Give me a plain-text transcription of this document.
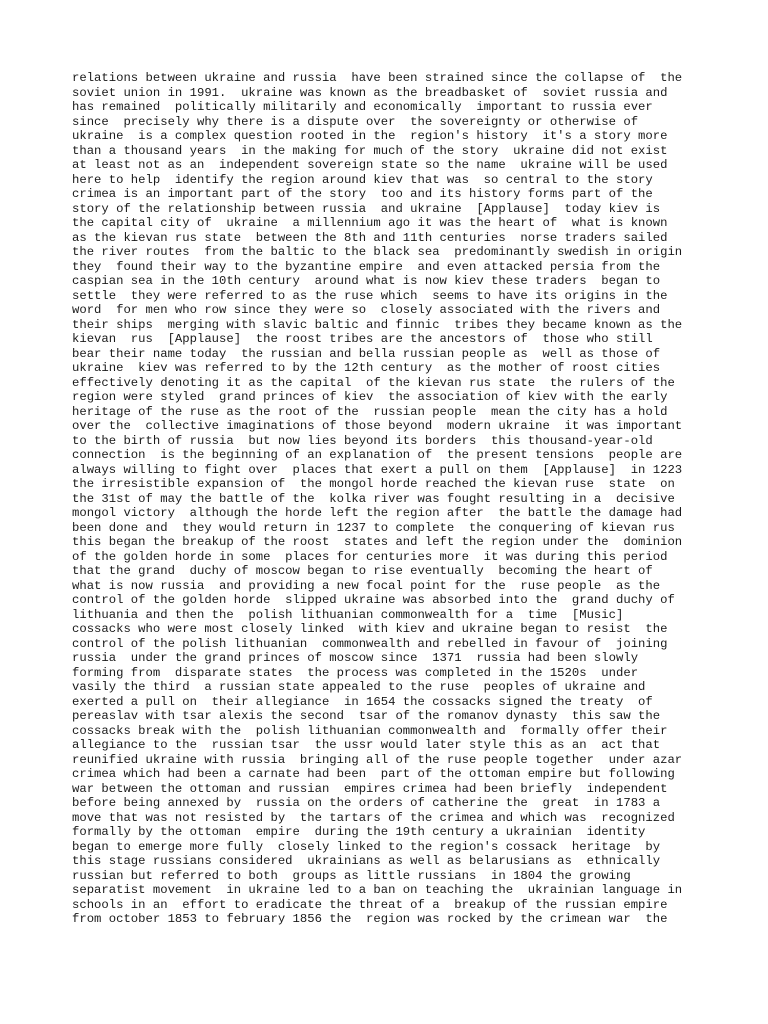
relations between ukraine and russia  have been strained since the collapse of  the
soviet union in 1991.  ukraine was known as the breadbasket of  soviet russia and
has remained  politically militarily and economically  important to russia ever
since  precisely why there is a dispute over  the sovereignty or otherwise of
ukraine  is a complex question rooted in the  region's history  it's a story more
than a thousand years  in the making for much of the story  ukraine did not exist
at least not as an  independent sovereign state so the name  ukraine will be used
here to help  identify the region around kiev that was  so central to the story
crimea is an important part of the story  too and its history forms part of the
story of the relationship between russia  and ukraine  [Applause]  today kiev is
the capital city of  ukraine  a millennium ago it was the heart of  what is known
as the kievan rus state  between the 8th and 11th centuries  norse traders sailed
the river routes  from the baltic to the black sea  predominantly swedish in origin
they  found their way to the byzantine empire  and even attacked persia from the
caspian sea in the 10th century  around what is now kiev these traders  began to
settle  they were referred to as the ruse which  seems to have its origins in the
word  for men who row since they were so  closely associated with the rivers and
their ships  merging with slavic baltic and finnic  tribes they became known as the
kievan  rus  [Applause]  the roost tribes are the ancestors of  those who still
bear their name today  the russian and bella russian people as  well as those of
ukraine  kiev was referred to by the 12th century  as the mother of roost cities
effectively denoting it as the capital  of the kievan rus state  the rulers of the
region were styled  grand princes of kiev  the association of kiev with the early
heritage of the ruse as the root of the  russian people  mean the city has a hold
over the  collective imaginations of those beyond  modern ukraine  it was important
to the birth of russia  but now lies beyond its borders  this thousand-year-old
connection  is the beginning of an explanation of  the present tensions  people are
always willing to fight over  places that exert a pull on them  [Applause]  in 1223
the irresistible expansion of  the mongol horde reached the kievan ruse  state  on
the 31st of may the battle of the  kolka river was fought resulting in a  decisive
mongol victory  although the horde left the region after  the battle the damage had
been done and  they would return in 1237 to complete  the conquering of kievan rus
this began the breakup of the roost  states and left the region under the  dominion
of the golden horde in some  places for centuries more  it was during this period
that the grand  duchy of moscow began to rise eventually  becoming the heart of
what is now russia  and providing a new focal point for the  ruse people  as the
control of the golden horde  slipped ukraine was absorbed into the  grand duchy of
lithuania and then the  polish lithuanian commonwealth for a  time  [Music]
cossacks who were most closely linked  with kiev and ukraine began to resist  the
control of the polish lithuanian  commonwealth and rebelled in favour of  joining
russia  under the grand princes of moscow since  1371  russia had been slowly
forming from  disparate states  the process was completed in the 1520s  under
vasily the third  a russian state appealed to the ruse  peoples of ukraine and
exerted a pull on  their allegiance  in 1654 the cossacks signed the treaty  of
pereaslav with tsar alexis the second  tsar of the romanov dynasty  this saw the
cossacks break with the  polish lithuanian commonwealth and  formally offer their
allegiance to the  russian tsar  the ussr would later style this as an  act that
reunified ukraine with russia  bringing all of the ruse people together  under azar
crimea which had been a carnate had been  part of the ottoman empire but following
war between the ottoman and russian  empires crimea had been briefly  independent
before being annexed by  russia on the orders of catherine the  great  in 1783 a
move that was not resisted by  the tartars of the crimea and which was  recognized
formally by the ottoman  empire  during the 19th century a ukrainian  identity
began to emerge more fully  closely linked to the region's cossack  heritage  by
this stage russians considered  ukrainians as well as belarusians as  ethnically
russian but referred to both  groups as little russians  in 1804 the growing
separatist movement  in ukraine led to a ban on teaching the  ukrainian language in
schools in an  effort to eradicate the threat of a  breakup of the russian empire
from october 1853 to february 1856 the  region was rocked by the crimean war  the
